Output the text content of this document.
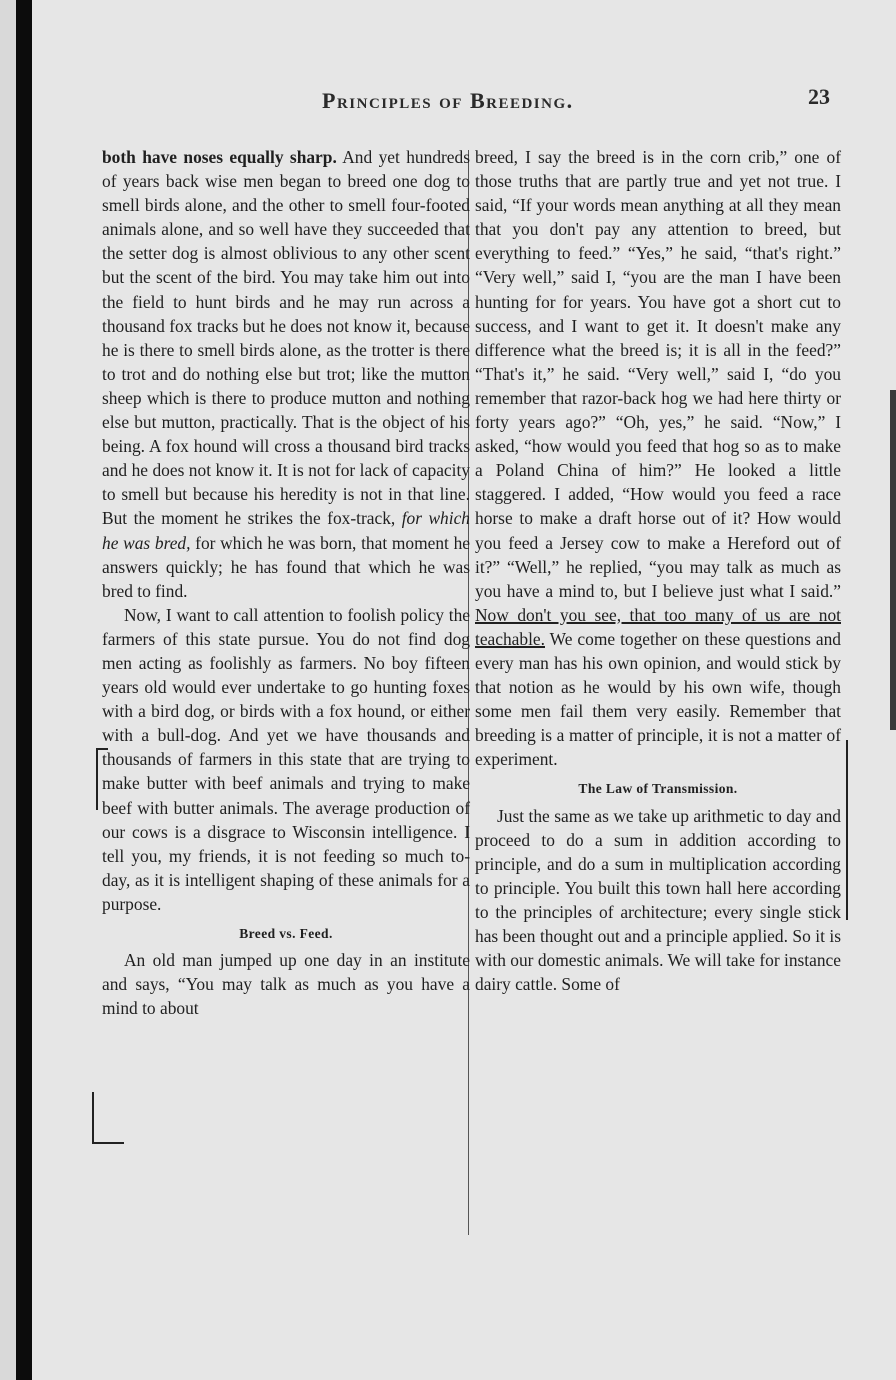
Principles of Breeding.	23

both have noses equally sharp. And yet hundreds of years back wise men began to breed one dog to smell birds alone, and the other to smell four-footed animals alone, and so well have they succeeded that the setter dog is almost oblivious to any other scent but the scent of the bird. You may take him out into the field to hunt birds and he may run across a thousand fox tracks but he does not know it, because he is there to smell birds alone, as the trotter is there to trot and do nothing else but trot; like the mutton sheep which is there to produce mutton and nothing else but mutton, practically. That is the object of his being. A fox hound will cross a thousand bird tracks and he does not know it. It is not for lack of capacity to smell but because his heredity is not in that line. But the moment he strikes the fox-track, for which he was bred, for which he was born, that moment he answers quickly; he has found that which he was bred to find.

Now, I want to call attention to foolish policy the farmers of this state pursue. You do not find dog men acting as foolishly as farmers. No boy fifteen years old would ever undertake to go hunting foxes with a bird dog, or birds with a fox hound, or either with a bull-dog. And yet we have thousands and thousands of farmers in this state that are trying to make butter with beef animals and trying to make beef with butter animals. The average production of our cows is a disgrace to Wisconsin intelligence. I tell you, my friends, it is not feeding so much to-day, as it is intelligent shaping of these animals for a purpose.

Breed vs. Feed.

An old man jumped up one day in an institute and says, “You may talk as much as you have a mind to about

breed, I say the breed is in the corn crib,” one of those truths that are partly true and yet not true. I said, “If your words mean anything at all they mean that you don't pay any attention to breed, but everything to feed.” “Yes,” he said, “that's right.” “Very well,” said I, “you are the man I have been hunting for for years. You have got a short cut to success, and I want to get it. It doesn't make any difference what the breed is; it is all in the feed?” “That's it,” he said. “Very well,” said I, “do you remember that razor-back hog we had here thirty or forty years ago?” “Oh, yes,” he said. “Now,” I asked, “how would you feed that hog so as to make a Poland China of him?” He looked a little staggered. I added, “How would you feed a race horse to make a draft horse out of it? How would you feed a Jersey cow to make a Hereford out of it?” “Well,” he replied, “you may talk as much as you have a mind to, but I believe just what I said.” Now don't you see, that too many of us are not teachable. We come together on these questions and every man has his own opinion, and would stick by that notion as he would by his own wife, though some men fail them very easily. Remember that breeding is a matter of principle, it is not a matter of experiment.

The Law of Transmission.

Just the same as we take up arithmetic to day and proceed to do a sum in addition according to principle, and do a sum in multiplication according to principle. You built this town hall here according to the principles of architecture; every single stick has been thought out and a principle applied. So it is with our domestic animals. We will take for instance dairy cattle. Some of
